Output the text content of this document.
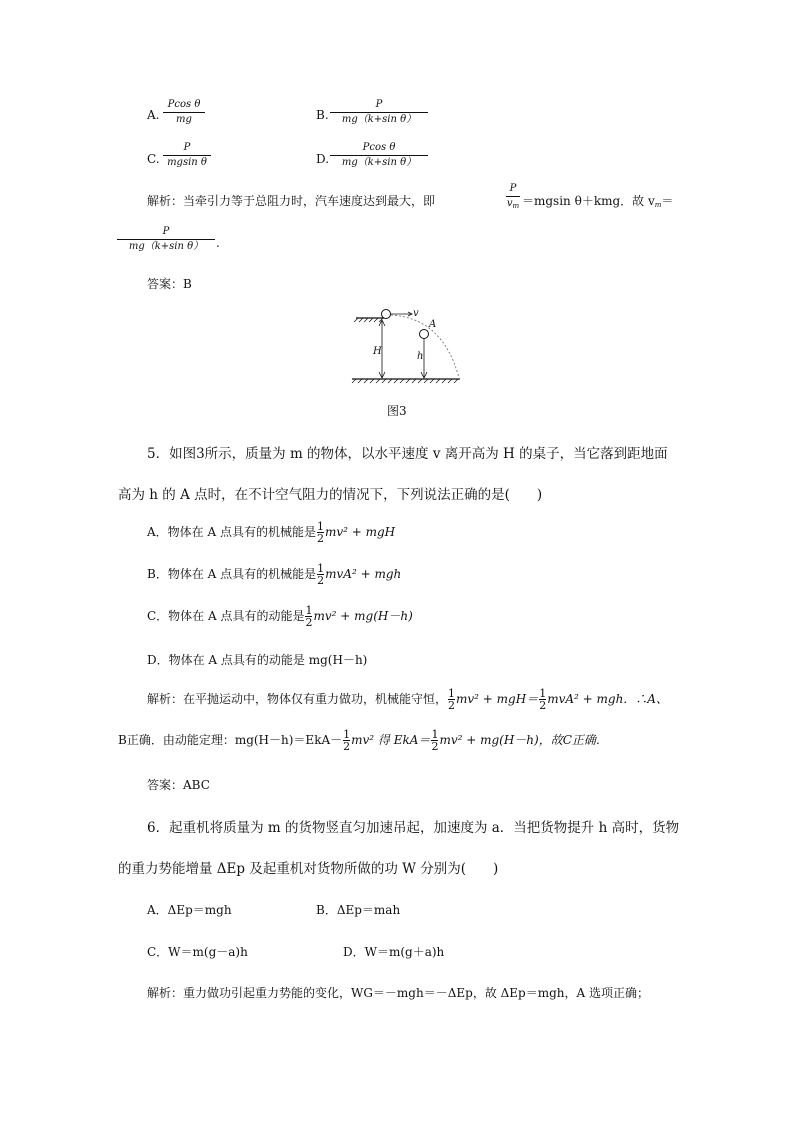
A.
Pcos θ
mg	B.
P
mg（k+sin θ）
C.
P
mgsin θ	D.
Pcos θ
mg（k+sin θ）
解析：当牵引力等于总阻力时，汽车速度达到最大，即
P
$v_m =mgsin$ θ＋kmg．故 $v_m=$
P
mg（k+sin θ）	.
答案：B
v
A
H	h
图3
5．如图3所示，质量为 m 的物体，以水平速度 v 离开高为 H 的桌子，当它落到距地面
高为 h 的 A 点时，在不计空气阻力的情况下，下列说法正确的是(　　)
A．物体在 A 点具有的机械能是 $\frac{1}{2} mv^2$ + mgH
B．物体在 A 点具有的机械能是 $\frac{1}{2} mvA^2$ + mgh
C．物体在 A 点具有的动能是 $\frac{1}{2} mv^2 + mg(H-h)$
D．物体在 A 点具有的动能是 mg(H－h)
解析：在平抛运动中，物体仅有重力做功，机械能守恒， $\frac{1}{2} mv^2 + mgH= \frac{1}{2} mvA^2$ + mgh．∴A、
B正确．由动能定理：$mg(H-h)=EkA- \frac{1}{2} mv^2$ 得 $EkA= \frac{1}{2} mv^2 + mg(H-h)$，故C正确．
答案：ABC
6．起重机将质量为 m 的货物竖直匀加速吊起，加速度为 a．当把货物提升 h 高时，货物
的重力势能增量 ΔEp 及起重机对货物所做的功 W 分别为(　　)
A．ΔEp＝mgh	B．ΔEp＝mah
C．W＝m(g－a)h	D．W＝m(g＋a)h
解析：重力做功引起重力势能的变化，WG＝－mgh＝－ΔEp，故 ΔEp＝mgh，A 选项正确；
